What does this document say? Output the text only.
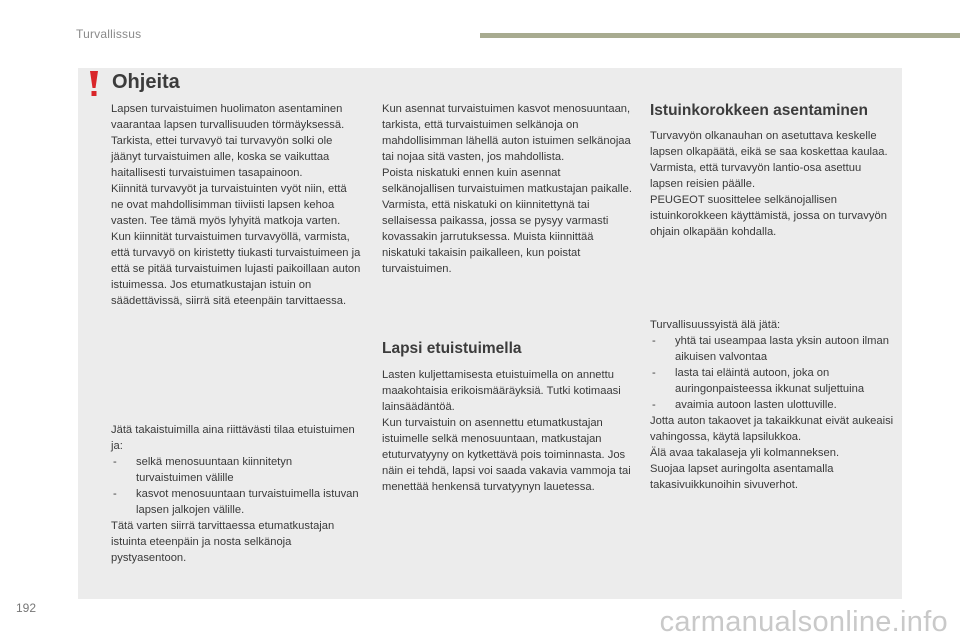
Turvallissus
Ohjeita

Lapsen turvaistuimen huolimaton asentaminen vaarantaa lapsen turvallisuuden törmäyksessä.

Tarkista, ettei turvavyö tai turvavyön solki ole jäänyt turvaistuimen alle, koska se vaikuttaa haitallisesti turvaistuimen tasapainoon.

Kiinnitä turvavyöt ja turvaistuinten vyöt niin, että ne ovat mahdollisimman tiiviisti lapsen kehoa vasten. Tee tämä myös lyhyitä matkoja varten.

Kun kiinnität turvaistuimen turvavyöllä, varmista, että turvavyö on kiristetty tiukasti turvaistuimeen ja että se pitää turvaistuimen lujasti paikoillaan auton istuimessa. Jos etumatkustajan istuin on säädettävissä, siirrä sitä eteenpäin tarvittaessa.

Jätä takaistuimilla aina riittävästi tilaa etuistuimen ja:

- selkä menosuuntaan kiinnitetyn turvaistuimen välille
- kasvot menosuuntaan turvaistuimella istuvan lapsen jalkojen välille.

Tätä varten siirrä tarvittaessa etumatkustajan istuinta eteenpäin ja nosta selkänoja pystyasentoon.

Kun asennat turvaistuimen kasvot menosuuntaan, tarkista, että turvaistuimen selkänoja on mahdollisimman lähellä auton istuimen selkänojaa tai nojaa sitä vasten, jos mahdollista.

Poista niskatuki ennen kuin asennat selkänojallisen turvaistuimen matkustajan paikalle.

Varmista, että niskatuki on kiinnitettynä tai sellaisessa paikassa, jossa se pysyy varmasti kovassakin jarrutuksessa. Muista kiinnittää niskatuki takaisin paikalleen, kun poistat turvaistuimen.

Lapsi etuistuimella

Lasten kuljettamisesta etuistuimella on annettu maakohtaisia erikoismääräyksiä. Tutki kotimaasi lainsäädäntöä.

Kun turvaistuin on asennettu etumatkustajan istuimelle selkä menosuuntaan, matkustajan etuturvatyyny on kytkettävä pois toiminnasta. Jos näin ei tehdä, lapsi voi saada vakavia vammoja tai menettää henkensä turvatyynyn lauetessa.

Istuinkorokkeen asentaminen

Turvavyön olkanauhan on asetuttava keskelle lapsen olkapäätä, eikä se saa koskettaa kaulaa.

Varmista, että turvavyön lantio-osa asettuu lapsen reisien päälle.

PEUGEOT suosittelee selkänojallisen istuinkorokkeen käyttämistä, jossa on turvavyön ohjain olkapään kohdalla.

Turvallisuussyistä älä jätä:

- yhtä tai useampaa lasta yksin autoon ilman aikuisen valvontaa
- lasta tai eläintä autoon, joka on auringonpaisteessa ikkunat suljettuina
- avaimia autoon lasten ulottuville.

Jotta auton takaovet ja takaikkunat eivät aukeaisi vahingossa, käytä lapsilukkoa.

Älä avaa takalaseja yli kolmanneksen.

Suojaa lapset auringolta asentamalla takasivuikkunoihin sivuverhot.

192	carmanualsonline.info
